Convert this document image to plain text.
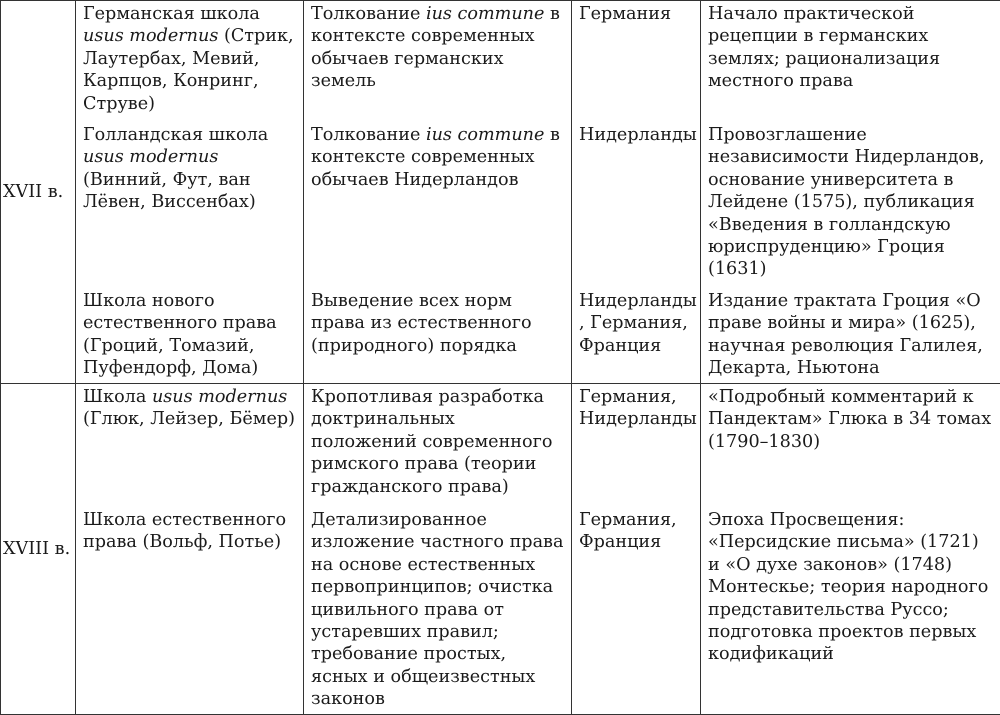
XVII в.	Германская школа usus modernus (Стрик, Лаутербах, Мевий, Карпцов, Конринг, Струве)	Толкование ius commune в контексте современных обычаев германских земель	Германия	Начало практической рецепции в германских землях; рационализация местного права
	Голландская школа usus modernus (Винний, Фут, ван Лёвен, Виссенбах)	Толкование ius commune в контексте современных обычаев Нидерландов	Нидерланды	Провозглашение независимости Нидерландов, основание университета в Лейдене (1575), публикация «Введения в голландскую юриспруденцию» Гроция (1631)
	Школа нового естественного права (Гроций, Томазий, Пуфендорф, Дома)	Выведение всех норм права из естественного (природного) порядка	Нидерланды, Германия, Франция	Издание трактата Гроция «О праве войны и мира» (1625), научная революция Галилея, Декарта, Ньютона
XVIII в.	Школа usus modernus (Глюк, Лейзер, Бёмер)	Кропотливая разработка доктринальных положений современного римского права (теории гражданского права)	Германия, Нидерланды	«Подробный комментарий к Пандектам» Глюка в 34 томах (1790–1830)
	Школа естественного права (Вольф, Потье)	Детализированное изложение частного права на основе естественных первопринципов; очистка цивильного права от устаревших правил; требование простых, ясных и общеизвестных законов	Германия, Франция	Эпоха Просвещения: «Персидские письма» (1721) и «О духе законов» (1748) Монтескье; теория народного представительства Руссо; подготовка проектов первых кодификаций
